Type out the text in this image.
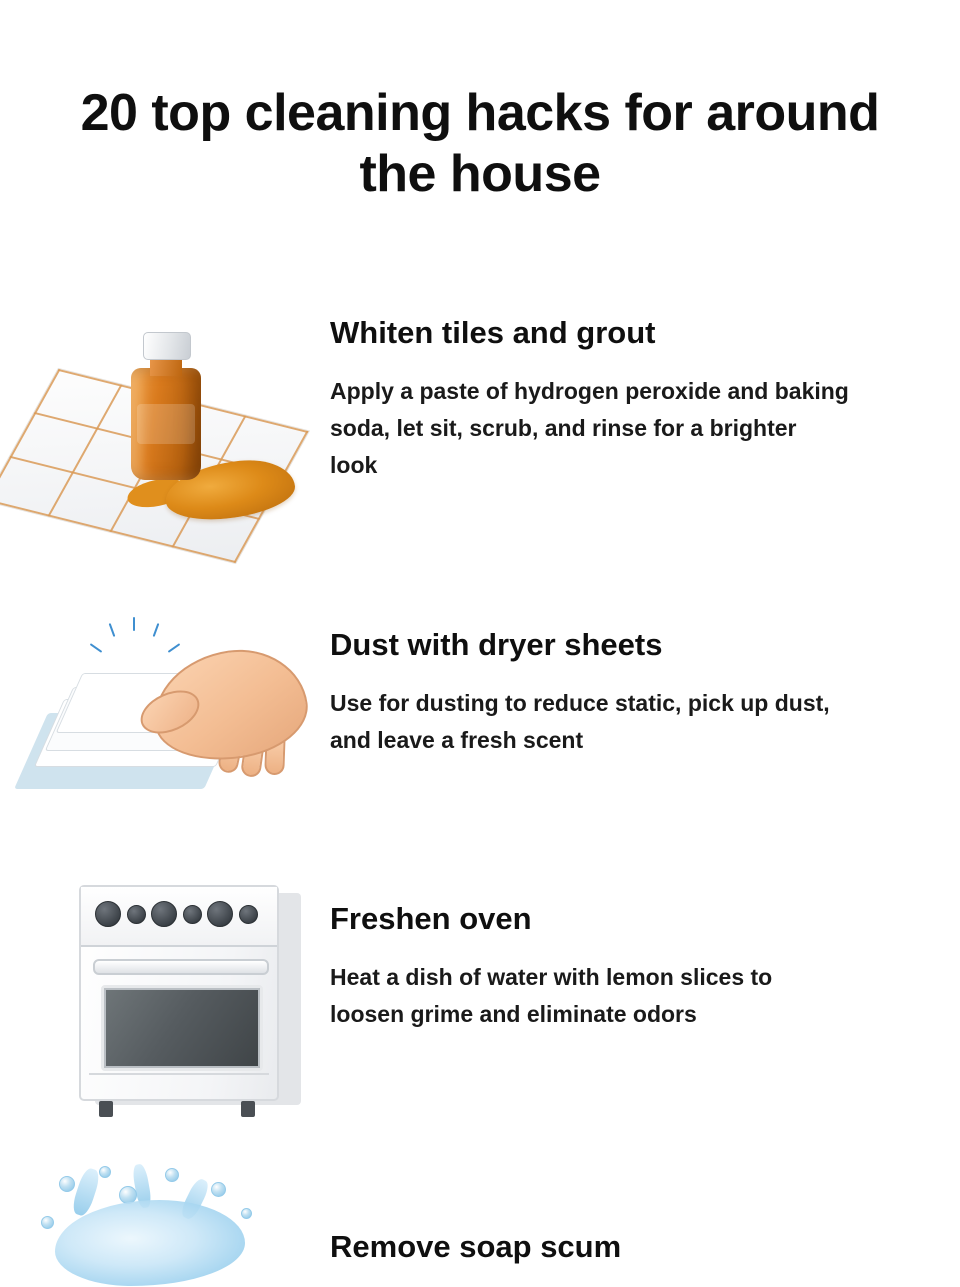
20 top cleaning hacks for around the house
Whiten tiles and grout

Apply a paste of hydrogen peroxide and baking soda, let sit, scrub, and rinse for a brighter look

Dust with dryer sheets

Use for dusting to reduce static, pick up dust, and leave a fresh scent

Freshen oven

Heat a dish of water with lemon slices to loosen grime and eliminate odors

Remove soap scum
